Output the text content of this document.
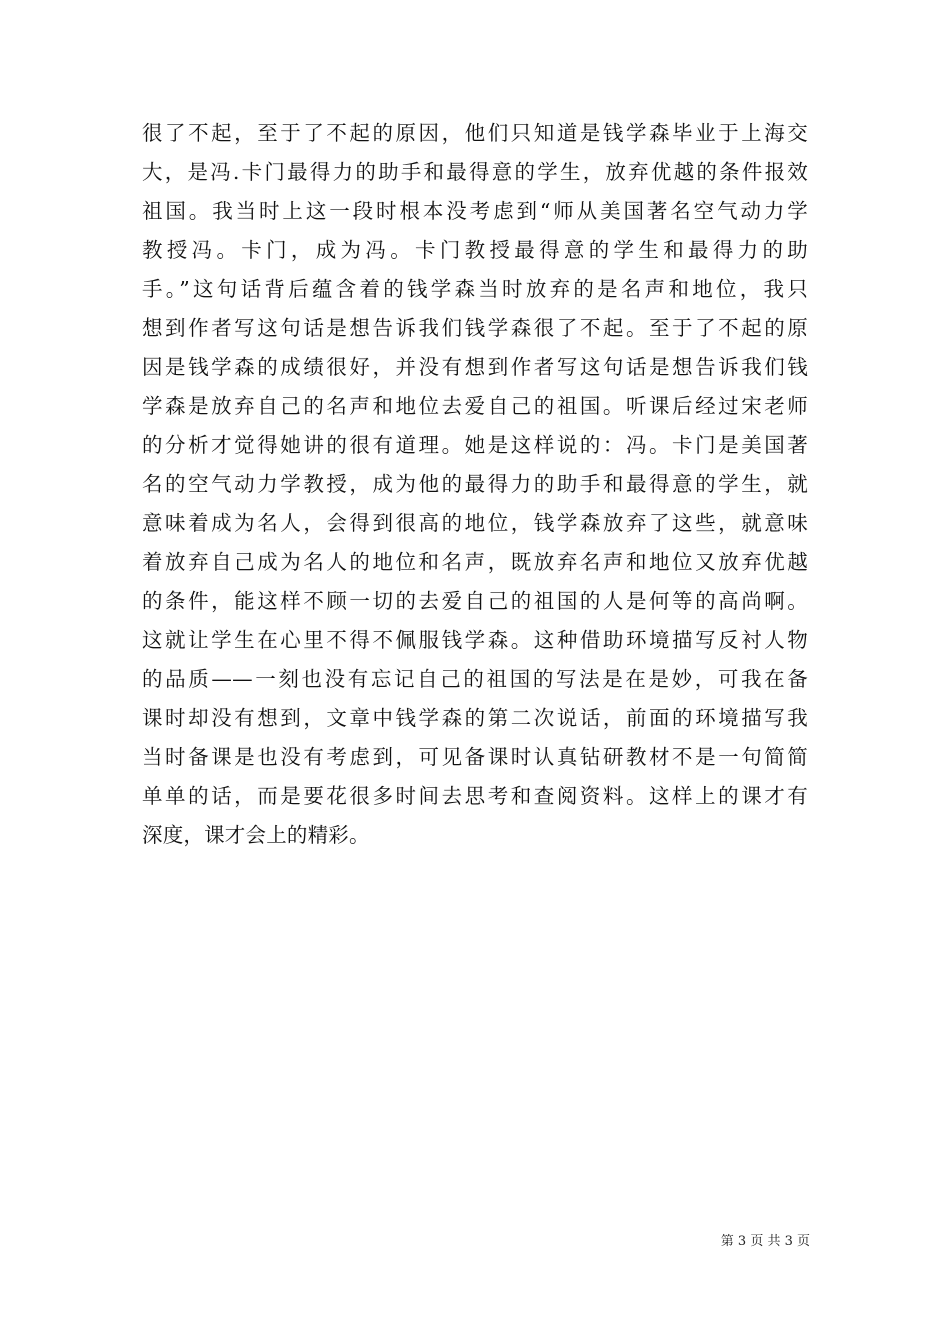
很了不起，至于了不起的原因，他们只知道是钱学森毕业于上海交
大，是冯.卡门最得力的助手和最得意的学生，放弃优越的条件报效
祖国。我当时上这一段时根本没考虑到“师从美国著名空气动力学
教授冯。卡门，成为冯。卡门教授最得意的学生和最得力的助
手。”这句话背后蕴含着的钱学森当时放弃的是名声和地位，我只
想到作者写这句话是想告诉我们钱学森很了不起。至于了不起的原
因是钱学森的成绩很好，并没有想到作者写这句话是想告诉我们钱
学森是放弃自己的名声和地位去爱自己的祖国。听课后经过宋老师
的分析才觉得她讲的很有道理。她是这样说的：冯。卡门是美国著
名的空气动力学教授，成为他的最得力的助手和最得意的学生，就
意味着成为名人，会得到很高的地位，钱学森放弃了这些，就意味
着放弃自己成为名人的地位和名声，既放弃名声和地位又放弃优越
的条件，能这样不顾一切的去爱自己的祖国的人是何等的高尚啊。
这就让学生在心里不得不佩服钱学森。这种借助环境描写反衬人物
的品质——一刻也没有忘记自己的祖国的写法是在是妙，可我在备
课时却没有想到，文章中钱学森的第二次说话，前面的环境描写我
当时备课是也没有考虑到，可见备课时认真钻研教材不是一句简简
单单的话，而是要花很多时间去思考和查阅资料。这样上的课才有
深度，课才会上的精彩。
第 3 页 共 3 页
